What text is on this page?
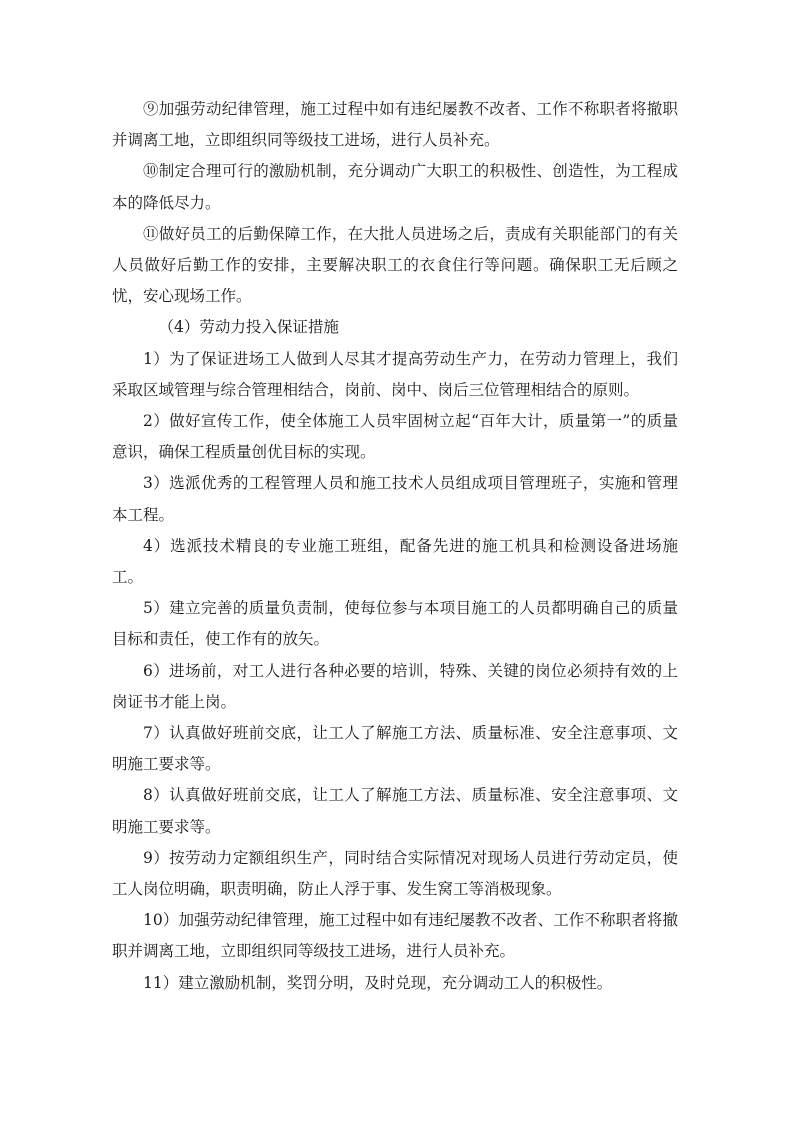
⑨加强劳动纪律管理，施工过程中如有违纪屡教不改者、工作不称职者将撤职并调离工地，立即组织同等级技工进场，进行人员补充。

⑩制定合理可行的激励机制，充分调动广大职工的积极性、创造性，为工程成本的降低尽力。

⑪做好员工的后勤保障工作，在大批人员进场之后，责成有关职能部门的有关人员做好后勤工作的安排，主要解决职工的衣食住行等问题。确保职工无后顾之忧，安心现场工作。

（4）劳动力投入保证措施

1）为了保证进场工人做到人尽其才提高劳动生产力，在劳动力管理上，我们采取区域管理与综合管理相结合，岗前、岗中、岗后三位管理相结合的原则。

2）做好宣传工作，使全体施工人员牢固树立起“百年大计，质量第一”的质量意识，确保工程质量创优目标的实现。

3）选派优秀的工程管理人员和施工技术人员组成项目管理班子，实施和管理本工程。

4）选派技术精良的专业施工班组，配备先进的施工机具和检测设备进场施工。

5）建立完善的质量负责制，使每位参与本项目施工的人员都明确自己的质量目标和责任，使工作有的放矢。

6）进场前，对工人进行各种必要的培训，特殊、关键的岗位必须持有效的上岗证书才能上岗。

7）认真做好班前交底，让工人了解施工方法、质量标准、安全注意事项、文明施工要求等。

8）认真做好班前交底，让工人了解施工方法、质量标准、安全注意事项、文明施工要求等。

9）按劳动力定额组织生产，同时结合实际情况对现场人员进行劳动定员，使工人岗位明确，职责明确，防止人浮于事、发生窝工等消极现象。

10）加强劳动纪律管理，施工过程中如有违纪屡教不改者、工作不称职者将撤职并调离工地，立即组织同等级技工进场，进行人员补充。

11）建立激励机制，奖罚分明，及时兑现，充分调动工人的积极性。
